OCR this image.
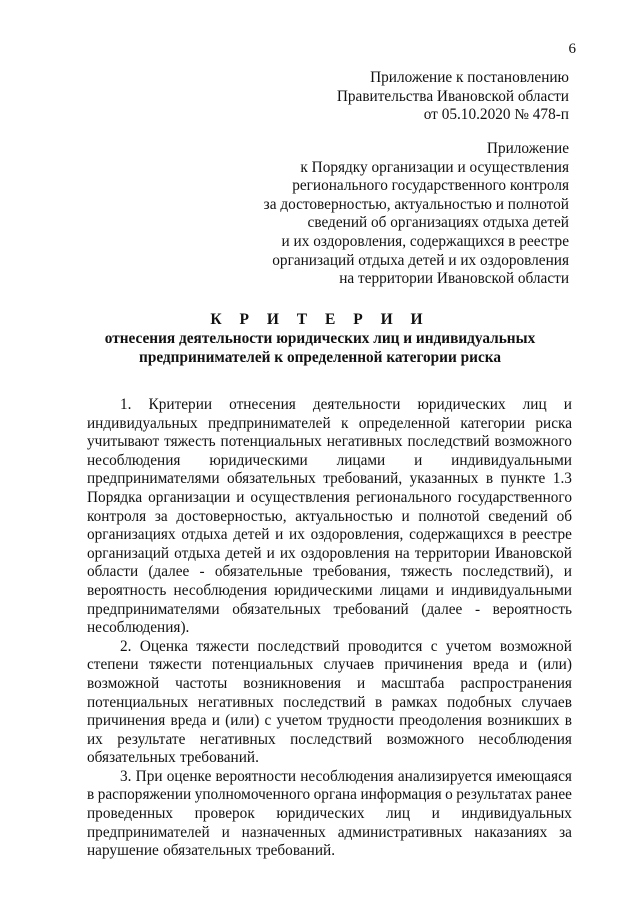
6
Приложение к постановлению
Правительства Ивановской области
от 05.10.2020 № 478-п
Приложение
к Порядку организации и осуществления
регионального государственного контроля
за достоверностью, актуальностью и полнотой
сведений об организациях отдыха детей
и их оздоровления, содержащихся в реестре
организаций отдыха детей и их оздоровления
на территории Ивановской области
К Р И Т Е Р И И
отнесения деятельности юридических лиц и индивидуальных
предпринимателей к определенной категории риска
1. Критерии отнесения деятельности юридических лиц и
индивидуальных предпринимателей к определенной категории риска
учитывают тяжесть потенциальных негативных последствий возможного
несоблюдения юридическими лицами и индивидуальными
предпринимателями обязательных требований, указанных в пункте 1.3
Порядка организации и осуществления регионального государственного
контроля за достоверностью, актуальностью и полнотой сведений об
организациях отдыха детей и их оздоровления, содержащихся в реестре
организаций отдыха детей и их оздоровления на территории Ивановской
области (далее - обязательные требования, тяжесть последствий), и
вероятность несоблюдения юридическими лицами и индивидуальными
предпринимателями обязательных требований (далее - вероятность
несоблюдения).
2. Оценка тяжести последствий проводится с учетом возможной
степени тяжести потенциальных случаев причинения вреда и (или)
возможной частоты возникновения и масштаба распространения
потенциальных негативных последствий в рамках подобных случаев
причинения вреда и (или) с учетом трудности преодоления возникших в
их результате негативных последствий возможного несоблюдения
обязательных требований.
3. При оценке вероятности несоблюдения анализируется имеющаяся
в распоряжении уполномоченного органа информация о результатах ранее
проведенных проверок юридических лиц и индивидуальных
предпринимателей и назначенных административных наказаниях за
нарушение обязательных требований.
